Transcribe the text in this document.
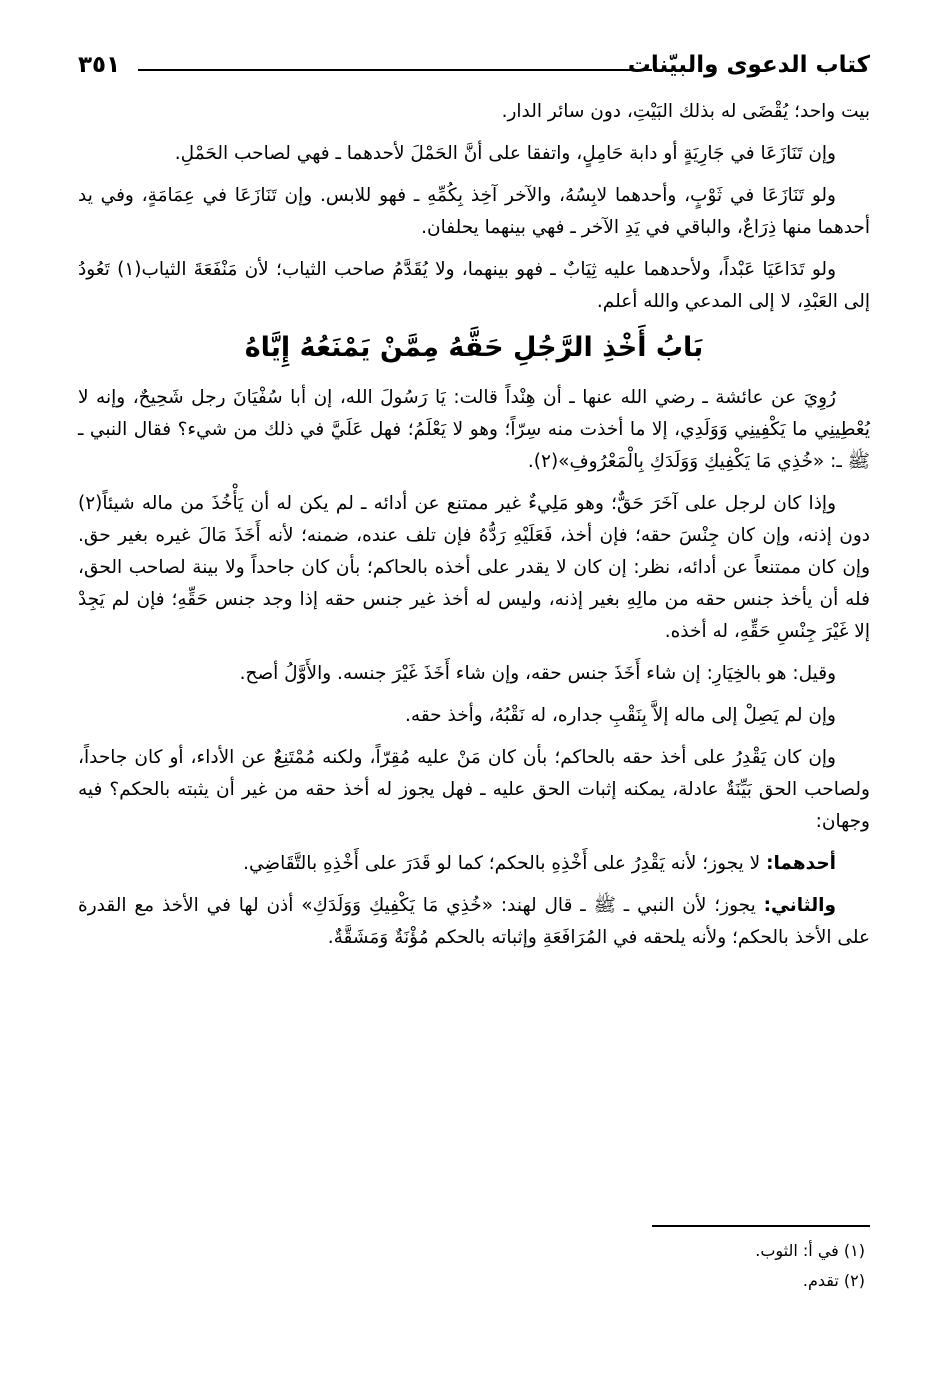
كتاب الدعوى والبيّنات
٣٥١

بيت واحد؛ يُقْضَى له بذلك البَيْتِ، دون سائر الدار.

وإن تَنَازَعَا في جَارِيَةٍ أو دابة حَامِلٍ، واتفقا على أنَّ الحَمْلَ لأحدهما ـ فهي لصاحب الحَمْلِ.

ولو تَنَازَعَا في ثَوْبٍ، وأحدهما لابِسُهُ، والآخر آخِذ بِكُمِّهِ ـ فهو للابس. وإن تَنَازَعَا في عِمَامَةٍ، وفي يد أحدهما منها ذِرَاعٌ، والباقي في يَدِ الآخر ـ فهي بينهما يحلفان.

ولو تَدَاعَيَا عَبْداً، ولأحدهما عليه ثِيَابٌ ـ فهو بينهما، ولا يُقَدَّمُ صاحب الثياب؛ لأن مَنْفَعَةَ الثياب(١) تَعُودُ إلى العَبْدِ، لا إلى المدعي والله أعلم.

بَابُ أَخْذِ الرَّجُلِ حَقَّهُ مِمَّنْ يَمْنَعُهُ إِيَّاهُ

رُوِيَ عن عائشة ـ رضي الله عنها ـ أن هِنْداً قالت: يَا رَسُولَ الله، إن أبا سُفْيَانَ رجل شَحِيحٌ، وإنه لا يُعْطِينِي ما يَكْفِينِي وَوَلَدِي، إلا ما أخذت منه سِرّاً؛ وهو لا يَعْلَمُ؛ فهل عَلَيَّ في ذلك من شيء؟ فقال النبي ـ ﷺ ـ: «خُذِي مَا يَكْفِيكِ وَوَلَدَكِ بِالْمَعْرُوفِ»(٢).

وإذا كان لرجل على آخَرَ حَقٌّ؛ وهو مَلِيءٌ غير ممتنع عن أدائه ـ لم يكن له أن يَأْخُذَ من ماله شيئاً(٢) دون إذنه، وإن كان جِنْسَ حقه؛ فإن أخذ، فَعَلَيْهِ رَدُّهُ فإن تلف عنده، ضمنه؛ لأنه أَخَذَ مَالَ غيره بغير حق. وإن كان ممتنعاً عن أدائه، نظر: إن كان لا يقدر على أخذه بالحاكم؛ بأن كان جاحداً ولا بينة لصاحب الحق، فله أن يأخذ جنس حقه من مالِهِ بغير إذنه، وليس له أخذ غير جنس حقه إذا وجد جنس حَقِّهِ؛ فإن لم يَجِدْ إلا غَيْرَ جِنْسِ حَقِّهِ، له أخذه.

وقيل: هو بالخِيَارِ: إن شاء أَخَذَ جنس حقه، وإن شاء أَخَذَ غَيْرَ جنسه. والأَوَّلُ أصح.

وإن لم يَصِلْ إلى ماله إلاَّ بِنَقْبِ جداره، له نَقْبُهُ، وأخذ حقه.

وإن كان يَقْدِرُ على أخذ حقه بالحاكم؛ بأن كان مَنْ عليه مُقِرّاً، ولكنه مُمْتَنِعٌ عن الأداء، أو كان جاحداً، ولصاحب الحق بَيِّنَةٌ عادلة، يمكنه إثبات الحق عليه ـ فهل يجوز له أخذ حقه من غير أن يثبته بالحكم؟ فيه وجهان:

أحدهما: لا يجوز؛ لأنه يَقْدِرُ على أَخْذِهِ بالحكم؛ كما لو قَدَرَ على أَخْذِهِ بالتَّقَاضِي.

والثاني: يجوز؛ لأن النبي ـ ﷺ ـ قال لهند: «خُذِي مَا يَكْفِيكِ وَوَلَدَكِ» أذن لها في الأخذ مع القدرة على الأخذ بالحكم؛ ولأنه يلحقه في المُرَافَعَةِ وإثباته بالحكم مُؤْنَةٌ وَمَشَقَّةٌ.

(١) في أ: الثوب.

(٢) تقدم.
